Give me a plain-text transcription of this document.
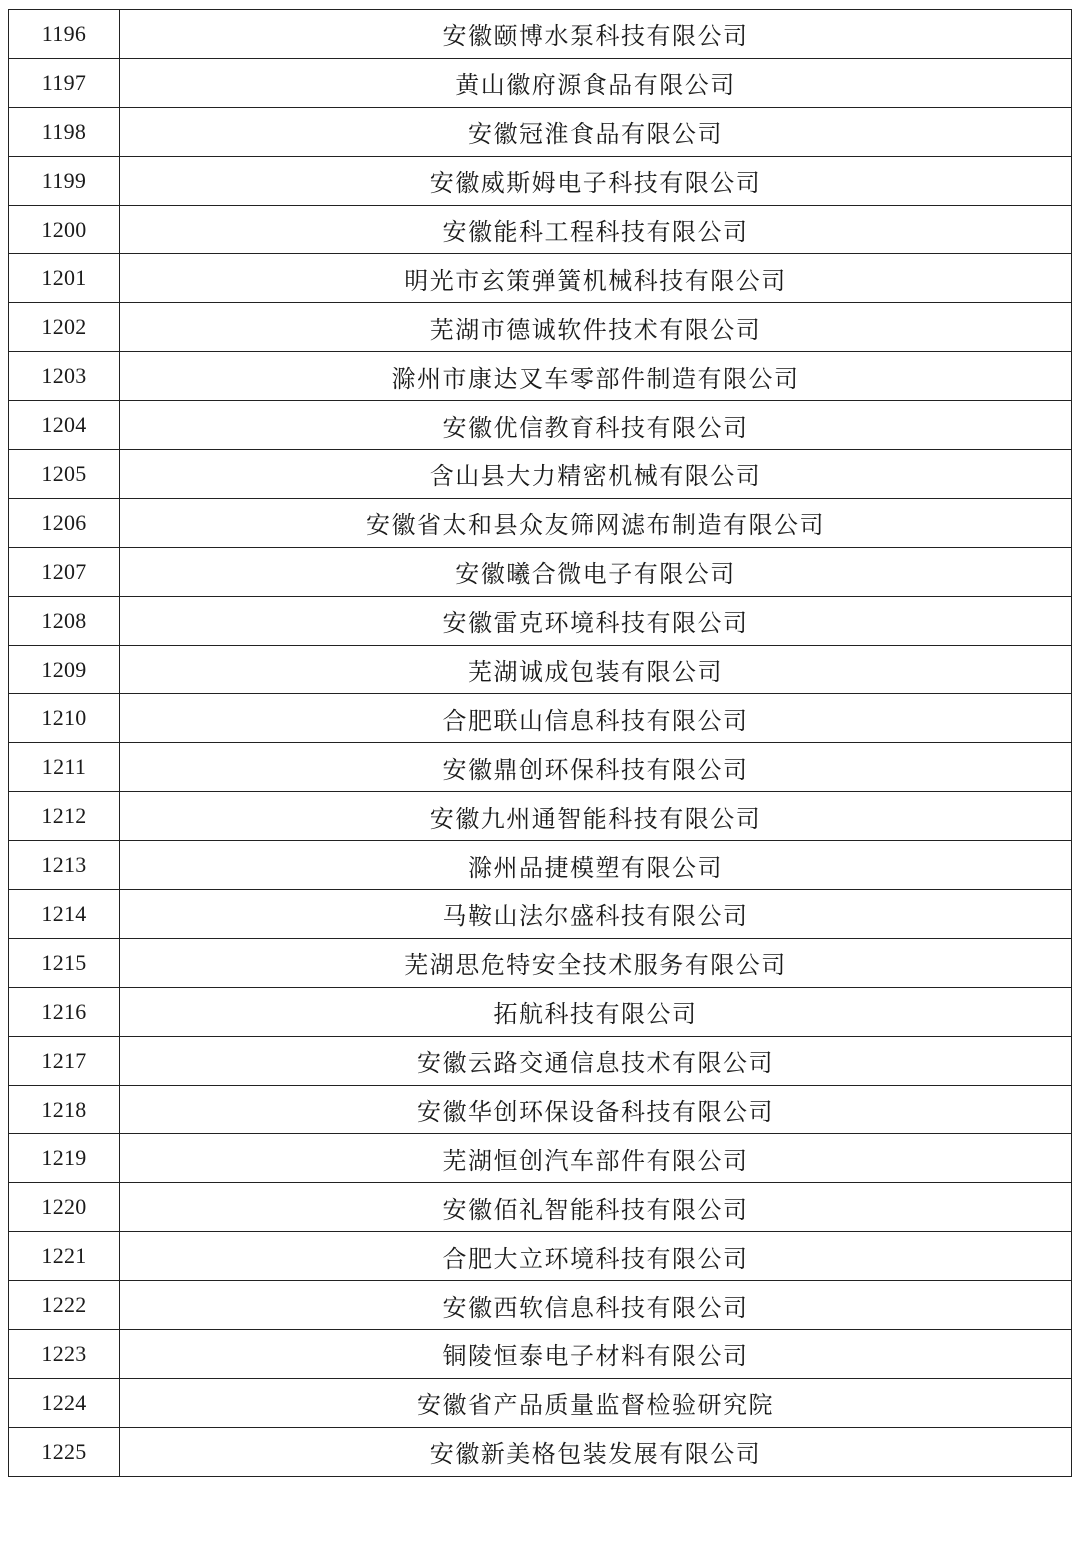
1196	安徽颐博水泵科技有限公司
1197	黄山徽府源食品有限公司
1198	安徽冠淮食品有限公司
1199	安徽威斯姆电子科技有限公司
1200	安徽能科工程科技有限公司
1201	明光市玄策弹簧机械科技有限公司
1202	芜湖市德诚软件技术有限公司
1203	滁州市康达叉车零部件制造有限公司
1204	安徽优信教育科技有限公司
1205	含山县大力精密机械有限公司
1206	安徽省太和县众友筛网滤布制造有限公司
1207	安徽曦合微电子有限公司
1208	安徽雷克环境科技有限公司
1209	芜湖诚成包装有限公司
1210	合肥联山信息科技有限公司
1211	安徽鼎创环保科技有限公司
1212	安徽九州通智能科技有限公司
1213	滁州品捷模塑有限公司
1214	马鞍山法尔盛科技有限公司
1215	芜湖思危特安全技术服务有限公司
1216	拓航科技有限公司
1217	安徽云路交通信息技术有限公司
1218	安徽华创环保设备科技有限公司
1219	芜湖恒创汽车部件有限公司
1220	安徽佰礼智能科技有限公司
1221	合肥大立环境科技有限公司
1222	安徽西软信息科技有限公司
1223	铜陵恒泰电子材料有限公司
1224	安徽省产品质量监督检验研究院
1225	安徽新美格包装发展有限公司
